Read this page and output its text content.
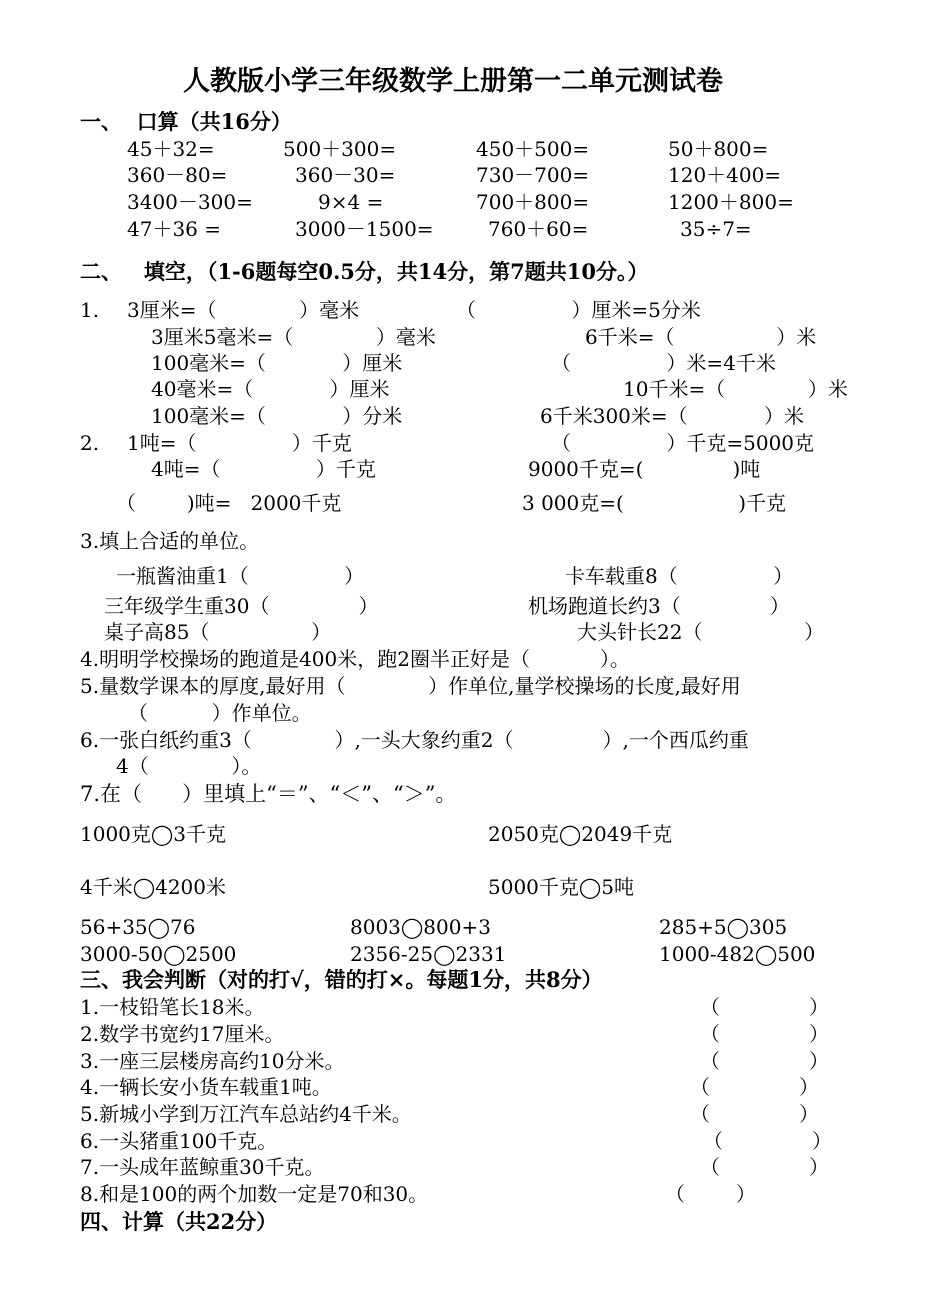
人教版小学三年级数学上册第一二单元测试卷
一、  口算（共16分）
45＋32=	500＋300=	450＋500=	50＋800=
360－80=	360－30=	730－700=	120＋400=
3400－300=	9×4 =	700＋800=	1200＋800=
47＋36 =	3000－1500=	760＋60=	35÷7=
二、   填空，（1-6题每空0.5分，共14分，第7题共10分。）
1. 3厘米=（             ）毫米	（               ）厘米=5分米
3厘米5毫米=（             ）毫米	6千米=（                ）米
100毫米=（            ）厘米	（               ）米=4千米
40毫米=（            ）厘米	10千米=（             ）米
100毫米=（            ）分米	6千米300米=（            ）米
2. 1吨=（               ）千克	（               ）千克=5000克
4吨=（               ）千克	9000千克=(              )吨
（        )吨=   2000千克	3 000克=(                  )千克
3.填上合适的单位。
一瓶酱油重1（               ）	卡车载重8（               ）
三年级学生重30（              ）	机场跑道长约3（              ）
桌子高85（                ）	大头针长22（                ）
4.明明学校操场的跑道是400米，跑2圈半正好是（           ）。
5.量数学课本的厚度,最好用（             ）作单位,量学校操场的长度,最好用
（          ）作单位。
6.一张白纸约重3（             ）,一头大象约重2（              ）,一个西瓜约重
4（             ）。
7.在（      ）里填上“＝”、“＜”、“＞”。
1000克◯3千克	2050克◯2049千克
4千米◯4200米	5000千克◯5吨
56+35◯76	8003◯800+3	285+5◯305
3000-50◯2500	2356-25◯2331	1000-482◯500
三、我会判断（对的打√，错的打×。每题1分，共8分）
1.一枝铅笔长18米。	（              ）
2.数学书宽约17厘米。	（              ）
3.一座三层楼房高约10分米。	（              ）
4.一辆长安小货车载重1吨。	（              ）
5.新城小学到万江汽车总站约4千米。	（              ）
6.一头猪重100千克。	（              ）
7.一头成年蓝鲸重30千克。	（              ）
8.和是100的两个加数一定是70和30。	（        ）
四、计算（共22分）
